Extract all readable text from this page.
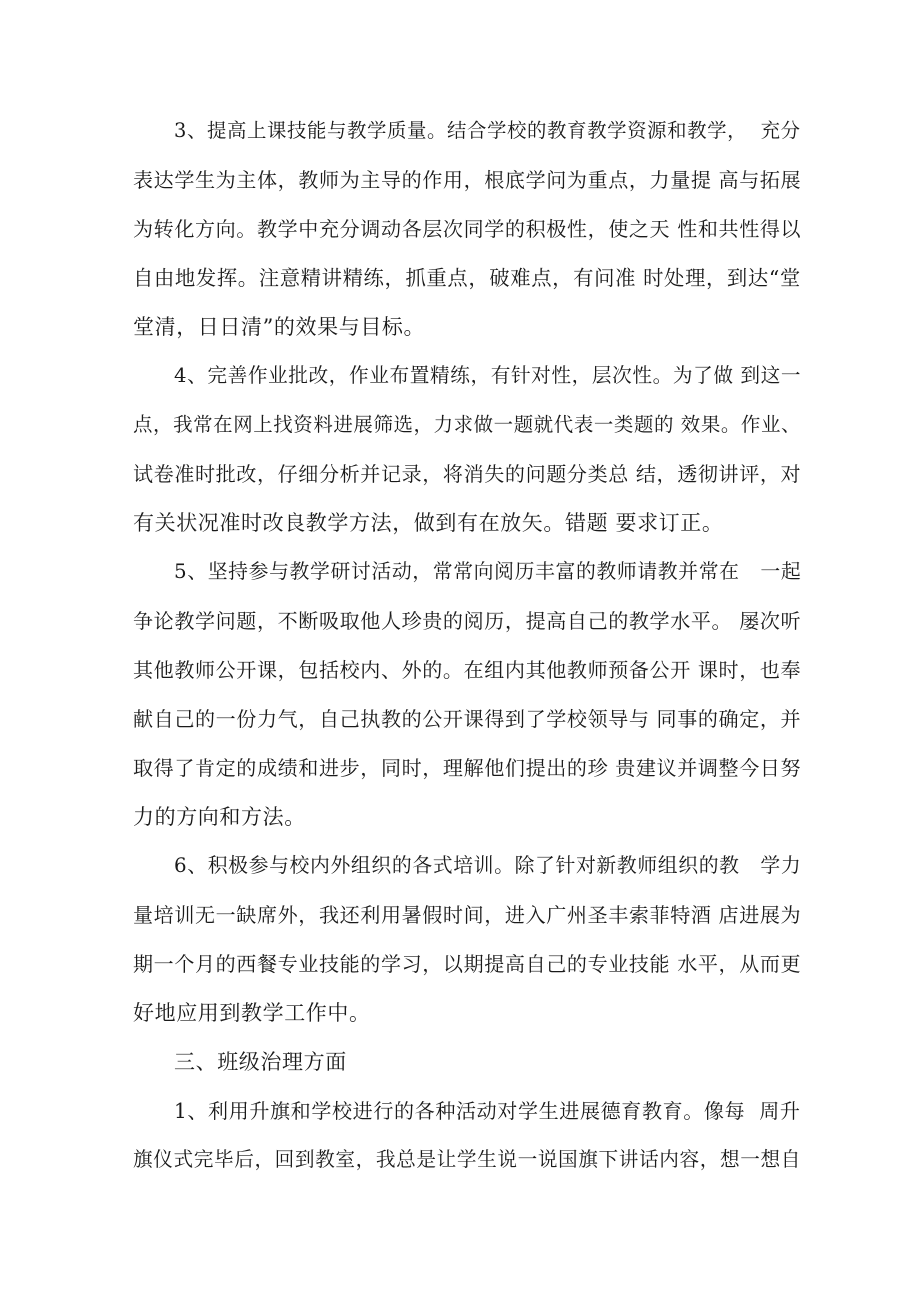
3、提高上课技能与教学质量。结合学校的教育教学资源和教学，  充分
表达学生为主体，教师为主导的作用，根底学问为重点，力量提 高与拓展
为转化方向。教学中充分调动各层次同学的积极性，使之天 性和共性得以
自由地发挥。注意精讲精练，抓重点，破难点，有问准 时处理，到达“堂
堂清，日日清”的效果与目标。
4、完善作业批改，作业布置精练，有针对性，层次性。为了做 到这一
点，我常在网上找资料进展筛选，力求做一题就代表一类题的 效果。作业、
试卷准时批改，仔细分析并记录，将消失的问题分类总 结，透彻讲评，对
有关状况准时改良教学方法，做到有在放矢。错题 要求订正。
5、坚持参与教学研讨活动，常常向阅历丰富的教师请教并常在   一起
争论教学问题，不断吸取他人珍贵的阅历，提高自己的教学水平。 屡次听
其他教师公开课，包括校内、外的。在组内其他教师预备公开 课时，也奉
献自己的一份力气，自己执教的公开课得到了学校领导与 同事的确定，并
取得了肯定的成绩和进步，同时，理解他们提出的珍 贵建议并调整今日努
力的方向和方法。
6、积极参与校内外组织的各式培训。除了针对新教师组织的教   学力
量培训无一缺席外，我还利用暑假时间，进入广州圣丰索菲特酒 店进展为
期一个月的西餐专业技能的学习，以期提高自己的专业技能 水平，从而更
好地应用到教学工作中。
三、班级治理方面
1、利用升旗和学校进行的各种活动对学生进展德育教育。像每  周升
旗仪式完毕后，回到教室，我总是让学生说一说国旗下讲话内容，想一想自
